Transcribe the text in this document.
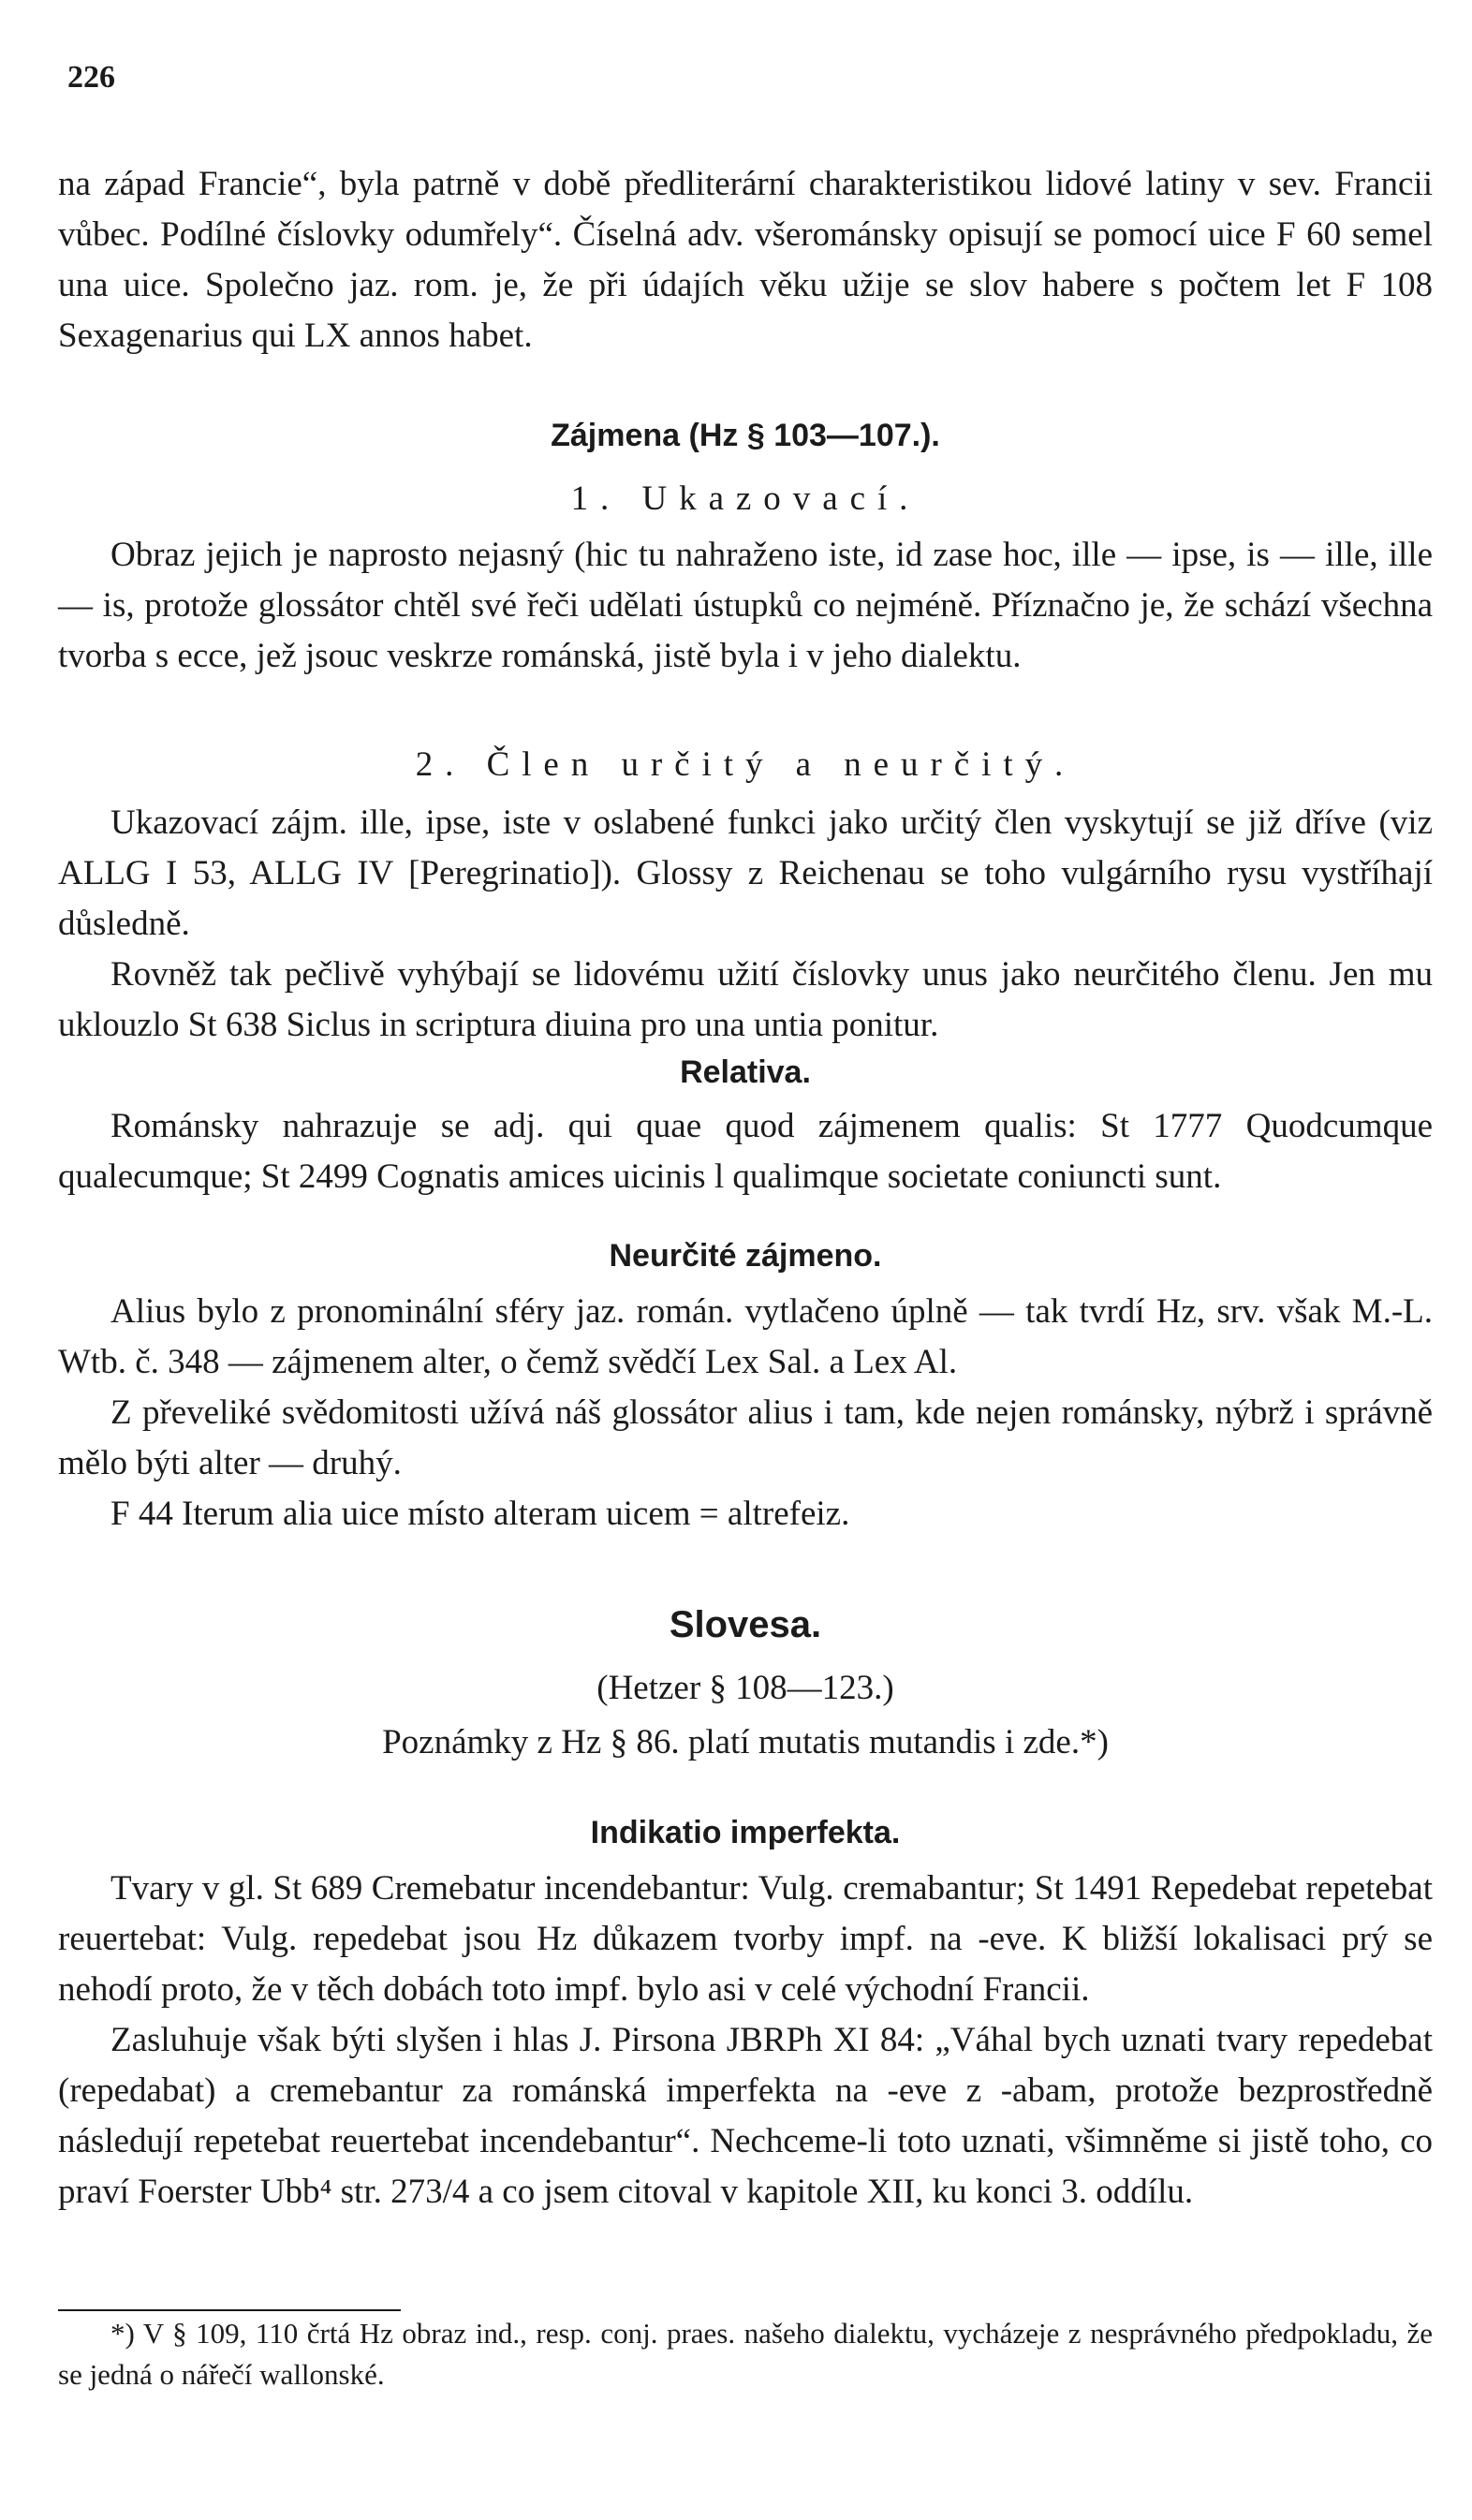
226

na západ Francie“, byla patrně v době předliterární charakteristikou lidové latiny v sev. Francii vůbec. Podílné číslovky odumřely“. Číselná adv. všerománsky opisují se pomocí uice F 60 semel una uice. Společno jaz. rom. je, že při údajích věku užije se slov habere s počtem let F 108 Sexagenarius qui LX annos habet.

Zájmena (Hz § 103—107.).
1. Ukazovací.

Obraz jejich je naprosto nejasný (hic tu nahraženo iste, id zase hoc, ille — ipse, is — ille, ille — is, protože glossátor chtěl své řeči udělati ústupků co nejméně. Příznačno je, že schází všechna tvorba s ecce, jež jsouc veskrze románská, jistě byla i v jeho dialektu.

2. Člen určitý a neurčitý.

Ukazovací zájm. ille, ipse, iste v oslabené funkci jako určitý člen vyskytují se již dříve (viz ALLG I 53, ALLG IV [Peregrinatio]). Glossy z Reichenau se toho vulgárního rysu vystříhají důsledně.

Rovněž tak pečlivě vyhýbají se lidovému užití číslovky unus jako neurčitého členu. Jen mu uklouzlo St 638 Siclus in scriptura diuina pro una untia ponitur.

Relativa.

Románsky nahrazuje se adj. qui quae quod zájmenem qualis: St 1777 Quodcumque qualecumque; St 2499 Cognatis amices uicinis l qualimque societate coniuncti sunt.

Neurčité zájmeno.

Alius bylo z pronominální sféry jaz. román. vytlačeno úplně — tak tvrdí Hz, srv. však M.-L. Wtb. č. 348 — zájmenem alter, o čemž svědčí Lex Sal. a Lex Al.

Z převeliké svědomitosti užívá náš glossátor alius i tam, kde nejen románsky, nýbrž i správně mělo býti alter — druhý.

F 44 Iterum alia uice místo alteram uicem = altrefeiz.

Slovesa.
(Hetzer § 108—123.)
Poznámky z Hz § 86. platí mutatis mutandis i zde.*)
Indikatio imperfekta.

Tvary v gl. St 689 Cremebatur incendebantur: Vulg. cremabantur; St 1491 Repedebat repetebat reuertebat: Vulg. repedebat jsou Hz důkazem tvorby impf. na -eve. K bližší lokalisaci prý se nehodí proto, že v těch dobách toto impf. bylo asi v celé východní Francii.

Zasluhuje však býti slyšen i hlas J. Pirsona JBRPh XI 84: „Váhal bych uznati tvary repedebat (repedabat) a cremebantur za románská imperfekta na -eve z -abam, protože bezprostředně následují repetebat reuertebat incendebantur“. Nechceme-li toto uznati, všimněme si jistě toho, co praví Foerster Ubb⁴ str. 273/4 a co jsem citoval v kapitole XII, ku konci 3. oddílu.

*) V § 109, 110 črtá Hz obraz ind., resp. conj. praes. našeho dialektu, vycházeje z nesprávného předpokladu, že se jedná o nářečí wallonské.
